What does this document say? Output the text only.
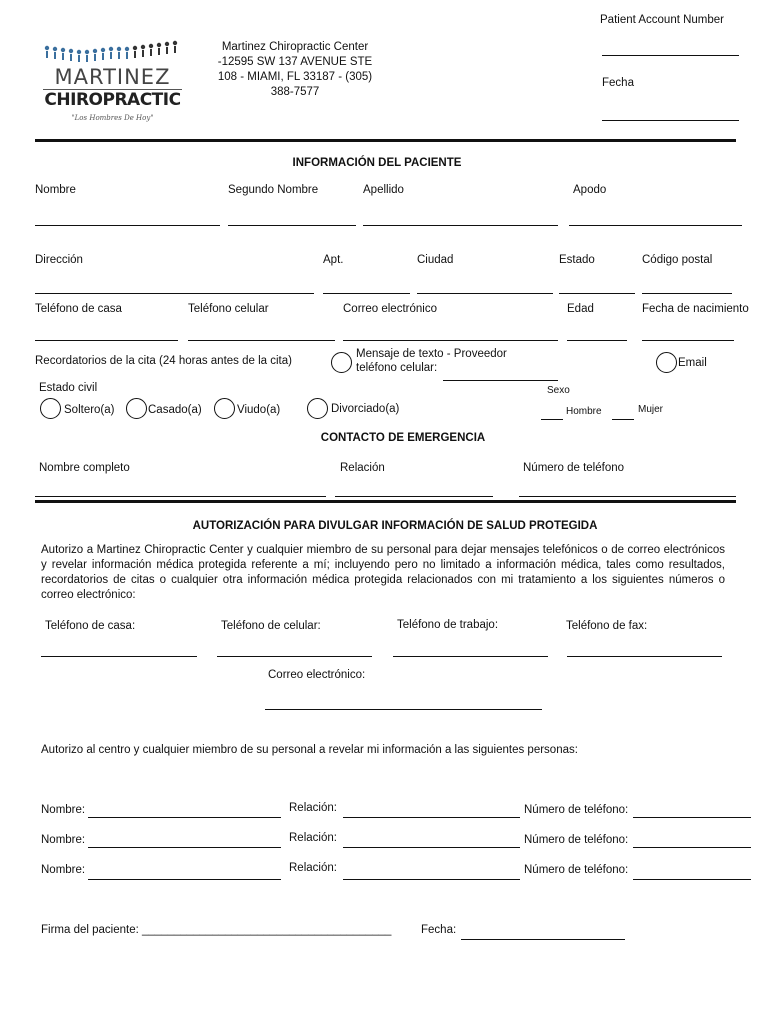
Patient Account Number
Fecha
MARTINEZ
CHIROPRACTIC
"Los Hombres De Hoy"
Martinez Chiropractic Center
-12595 SW 137 AVENUE STE
108 - MIAMI, FL 33187 - (305)
388-7577
INFORMACIÓN DEL PACIENTE
Nombre	Segundo Nombre	Apellido	Apodo
Dirección	Apt.	Ciudad	Estado	Código postal
Teléfono de casa	Teléfono celular	Correo electrónico	Edad	Fecha de nacimiento
Recordatorios de la cita (24 horas antes de la cita)
Mensaje de texto - Proveedor
teléfono celular:	Email
Estado civil
Soltero(a)	Casado(a)	Viudo(a)	Divorciado(a)
Sexo
Hombre	Mujer
CONTACTO DE EMERGENCIA
Nombre completo	Relación	Número de teléfono
AUTORIZACIÓN PARA DIVULGAR INFORMACIÓN DE SALUD PROTEGIDA
Autorizo a Martinez Chiropractic Center y cualquier miembro de su personal para dejar mensajes telefónicos o de correo electrónicos y revelar información médica protegida referente a mí; incluyendo pero no limitado a información médica, tales como resultados, recordatorios de citas o cualquier otra información médica protegida relacionados con mi tratamiento a los siguientes números o correo electrónico:
Teléfono de casa:	Teléfono de celular:	Teléfono de trabajo:	Teléfono de fax:
Correo electrónico:
Autorizo al centro y cualquier miembro de su personal a revelar mi información a las siguientes personas:
Nombre:	Relación:	Número de teléfono:
Nombre:	Relación:	Número de teléfono:
Nombre:	Relación:	Número de teléfono:
Firma del paciente: _______________________________________	Fecha:
